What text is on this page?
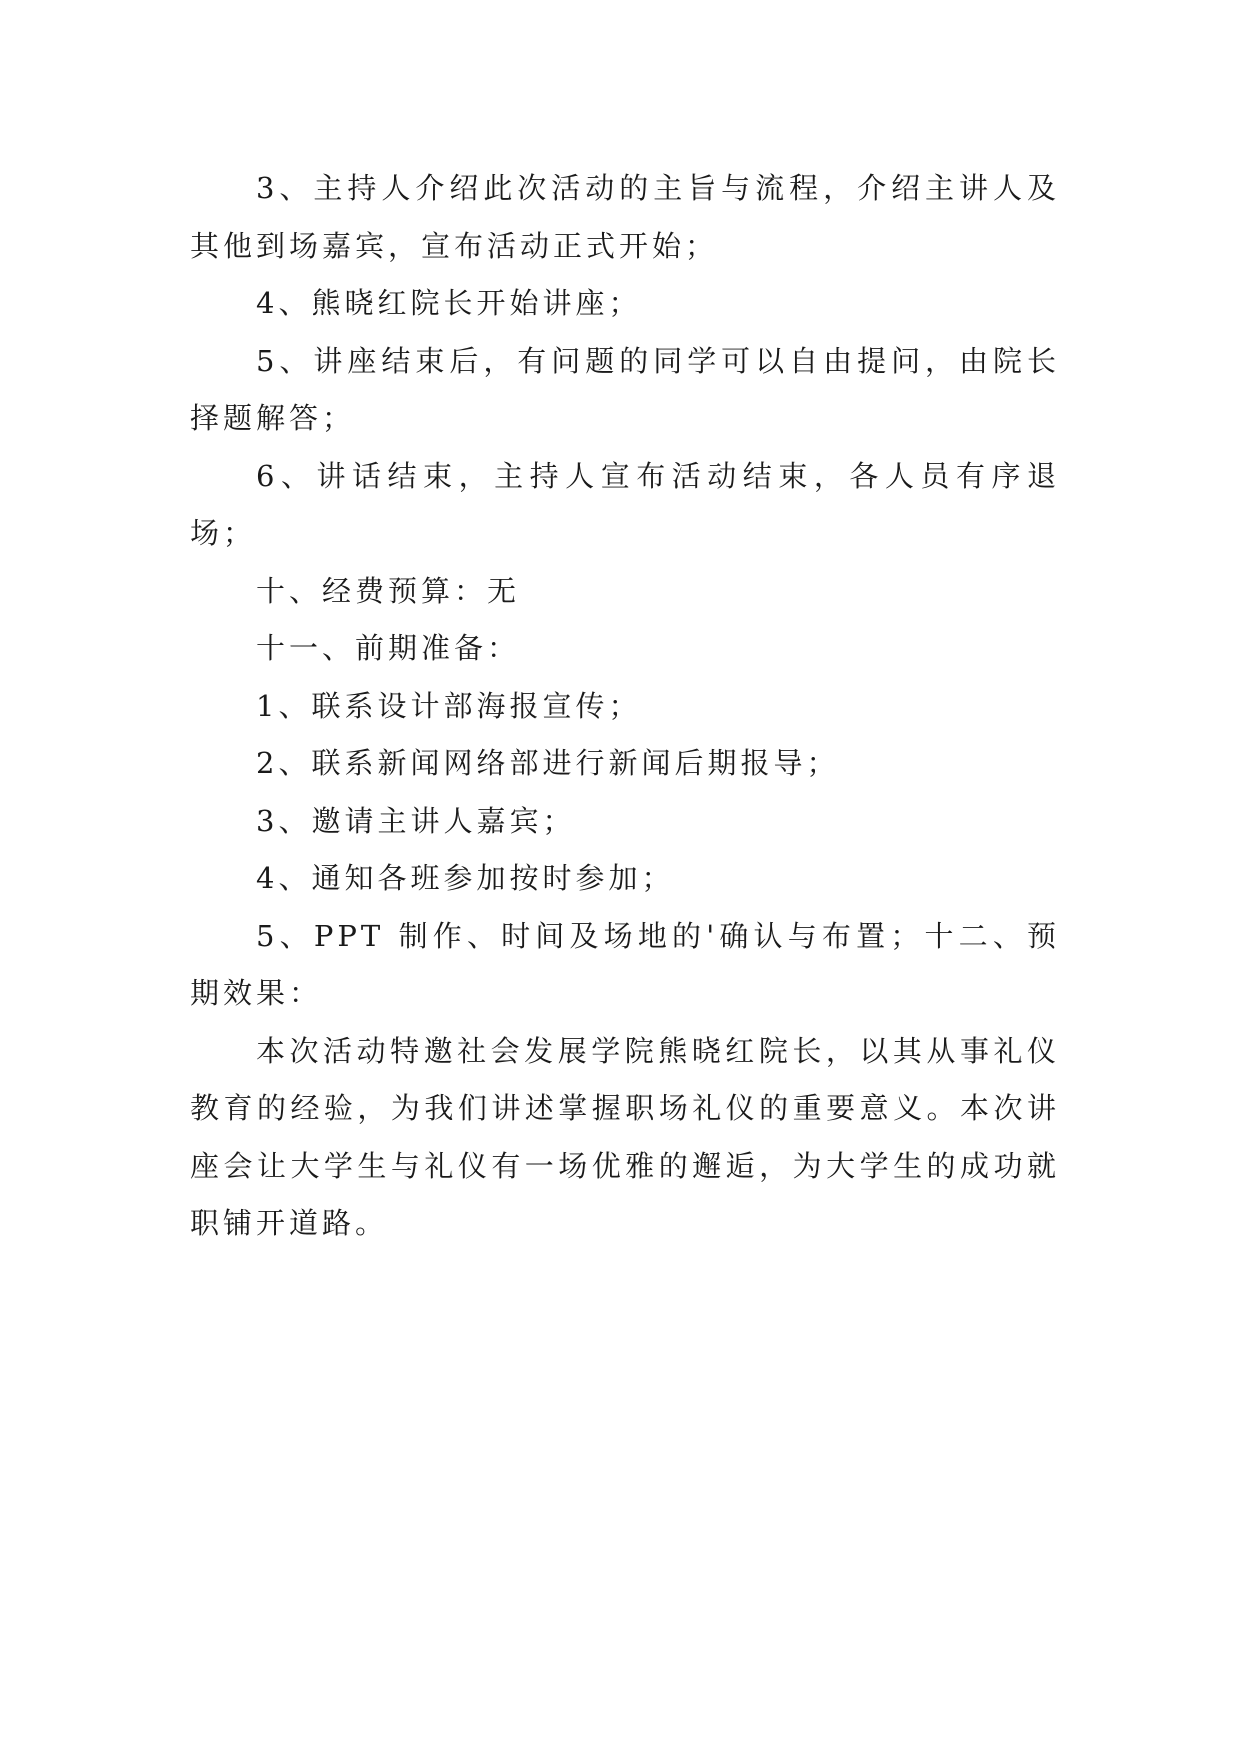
3、主持人介绍此次活动的主旨与流程，介绍主讲人及其他到场嘉宾，宣布活动正式开始；

4、熊晓红院长开始讲座；

5、讲座结束后，有问题的同学可以自由提问，由院长择题解答；

6、讲话结束，主持人宣布活动结束，各人员有序退场；

十、经费预算：无

十一、前期准备：

1、联系设计部海报宣传；

2、联系新闻网络部进行新闻后期报导；

3、邀请主讲人嘉宾；

4、通知各班参加按时参加；

5、PPT 制作、时间及场地的'确认与布置；十二、预期效果：

本次活动特邀社会发展学院熊晓红院长，以其从事礼仪教育的经验，为我们讲述掌握职场礼仪的重要意义。本次讲座会让大学生与礼仪有一场优雅的邂逅，为大学生的成功就职铺开道路。
